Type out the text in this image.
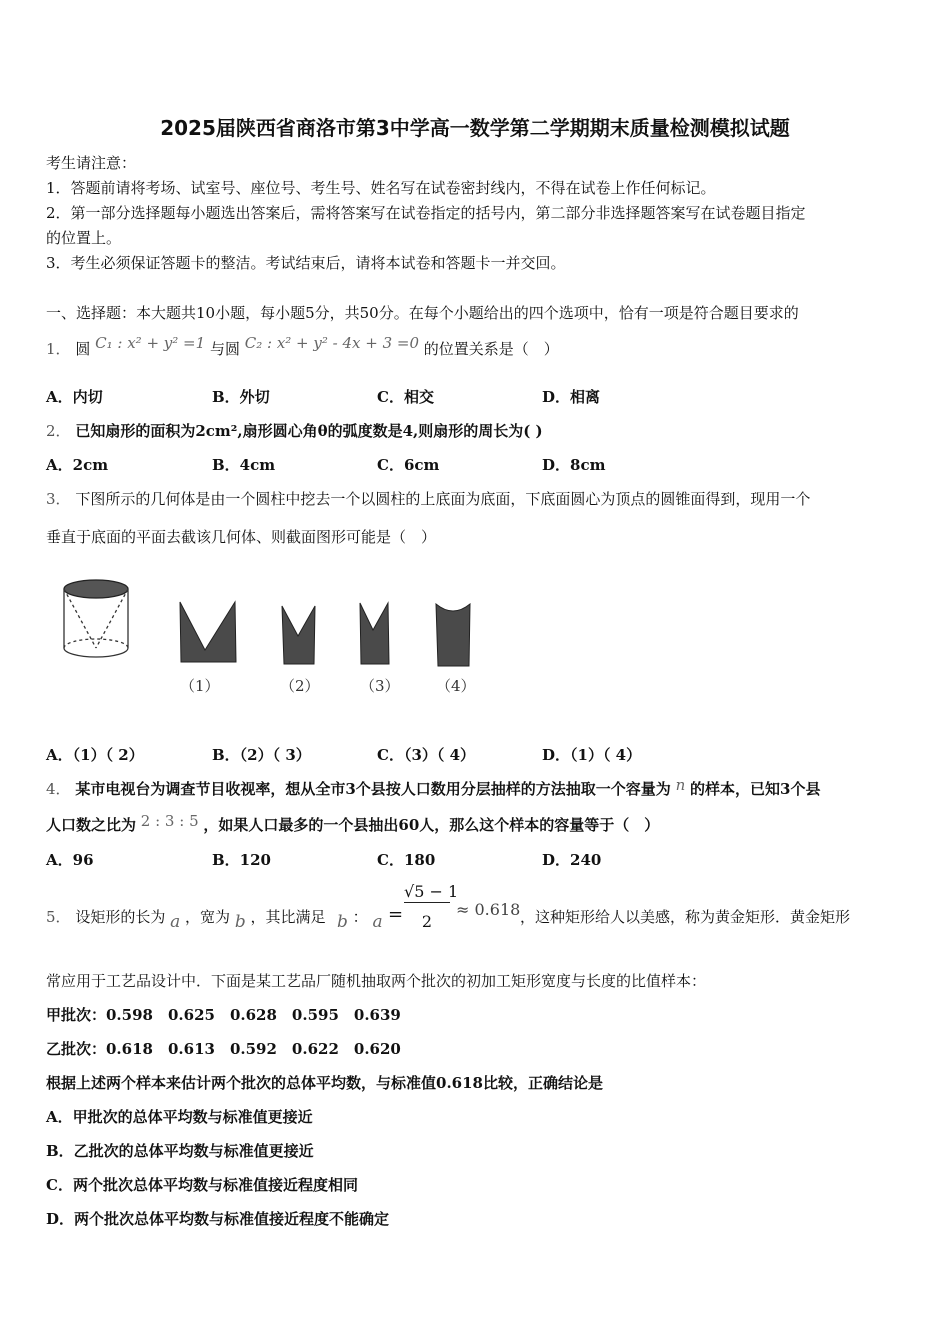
2025届陕西省商洛市第3中学高一数学第二学期期末质量检测模拟试题
考生请注意：
1．答题前请将考场、试室号、座位号、考生号、姓名写在试卷密封线内，不得在试卷上作任何标记。
2．第一部分选择题每小题选出答案后，需将答案写在试卷指定的括号内，第二部分非选择题答案写在试卷题目指定
的位置上。
3．考生必须保证答题卡的整洁。考试结束后，请将本试卷和答题卡一并交回。
一、选择题：本大题共10小题，每小题5分，共50分。在每个小题给出的四个选项中，恰有一项是符合题目要求的
1． 圆 C₁ : x² + y² =1 与圆 C₂ : x² + y² - 4x + 3 =0 的位置关系是（　）
A．内切	B．外切	C．相交	D．相离
2． 已知扇形的面积为2cm²,扇形圆心角θ的弧度数是4,则扇形的周长为( )
A．2cm	B．4cm	C．6cm	D．8cm
3． 下图所示的几何体是由一个圆柱中挖去一个以圆柱的上底面为底面，下底面圆心为顶点的圆锥面得到，现用一个
垂直于底面的平面去截该几何体、则截面图形可能是（　）
（1）	（2）	（3） （4）
A．（1）（ 2）	B．（2）（ 3）	C．（3）（ 4）	D．（1）（ 4）
4． 某市电视台为调查节目收视率，想从全市3个县按人口数用分层抽样的方法抽取一个容量为 n 的样本，已知3个县
人口数之比为 2 : 3 : 5 ，如果人口最多的一个县抽出60人，那么这个样本的容量等于（　）
A．96	B．120	C．180	D．240
5． 设矩形的长为 a ，宽为 b ，其比满足 b ： a =
√5 − 1
2
≈ 0.618 ，这种矩形给人以美感，称为黄金矩形．黄金矩形
常应用于工艺品设计中．下面是某工艺品厂随机抽取两个批次的初加工矩形宽度与长度的比值样本：
甲批次：0.598　0.625　0.628　0.595　0.639
乙批次：0.618　0.613　0.592　0.622　0.620
根据上述两个样本来估计两个批次的总体平均数，与标准值0.618比较，正确结论是
A．甲批次的总体平均数与标准值更接近
B．乙批次的总体平均数与标准值更接近
C．两个批次总体平均数与标准值接近程度相同
D．两个批次总体平均数与标准值接近程度不能确定
